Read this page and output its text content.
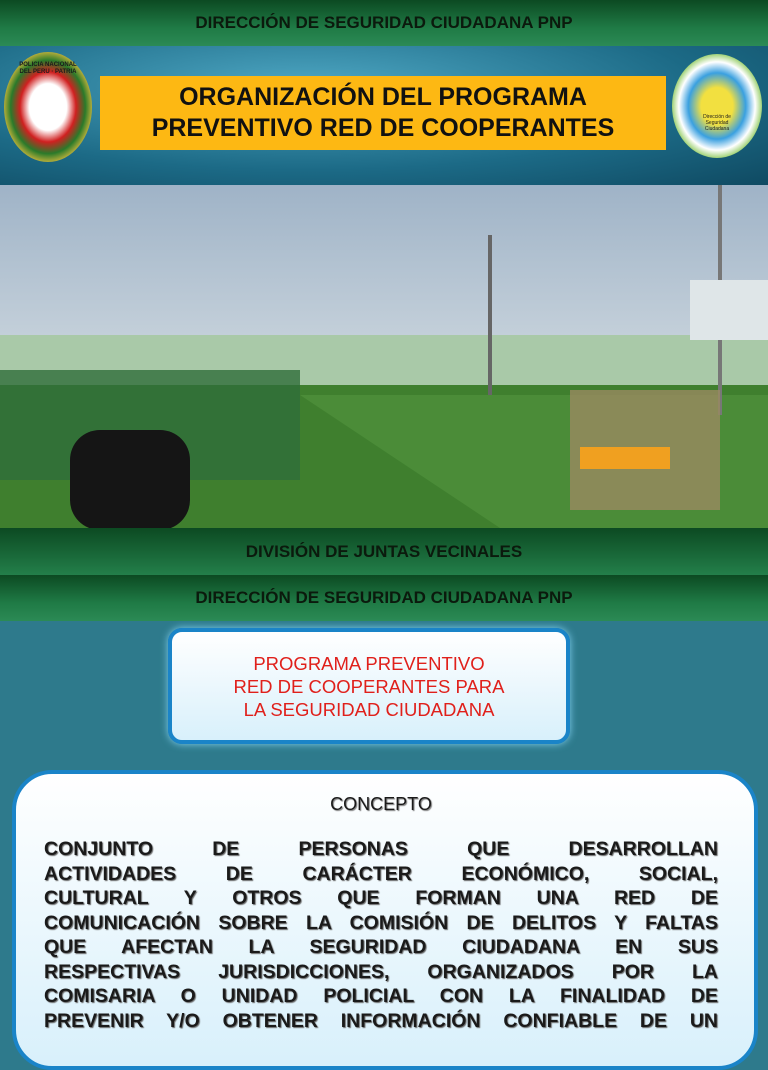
DIRECCIÓN DE SEGURIDAD CIUDADANA PNP
POLICIA NACIONAL DEL PERU · PATRIA
Dirección de Seguridad Ciudadana
ORGANIZACIÓN DEL PROGRAMA
PREVENTIVO RED DE COOPERANTES
DIVISIÓN DE JUNTAS VECINALES
DIRECCIÓN DE SEGURIDAD CIUDADANA PNP
PROGRAMA PREVENTIVO
RED DE COOPERANTES PARA
LA SEGURIDAD CIUDADANA
CONCEPTO
CONJUNTO DE PERSONAS QUE DESARROLLAN
ACTIVIDADES DE CARÁCTER ECONÓMICO, SOCIAL,
CULTURAL Y OTROS QUE FORMAN UNA RED DE
COMUNICACIÓN SOBRE LA COMISIÓN DE DELITOS Y FALTAS
QUE AFECTAN LA SEGURIDAD CIUDADANA EN SUS
RESPECTIVAS JURISDICCIONES, ORGANIZADOS POR LA
COMISARIA O UNIDAD POLICIAL CON LA FINALIDAD DE
PREVENIR Y/O OBTENER INFORMACIÓN CONFIABLE DE UN
